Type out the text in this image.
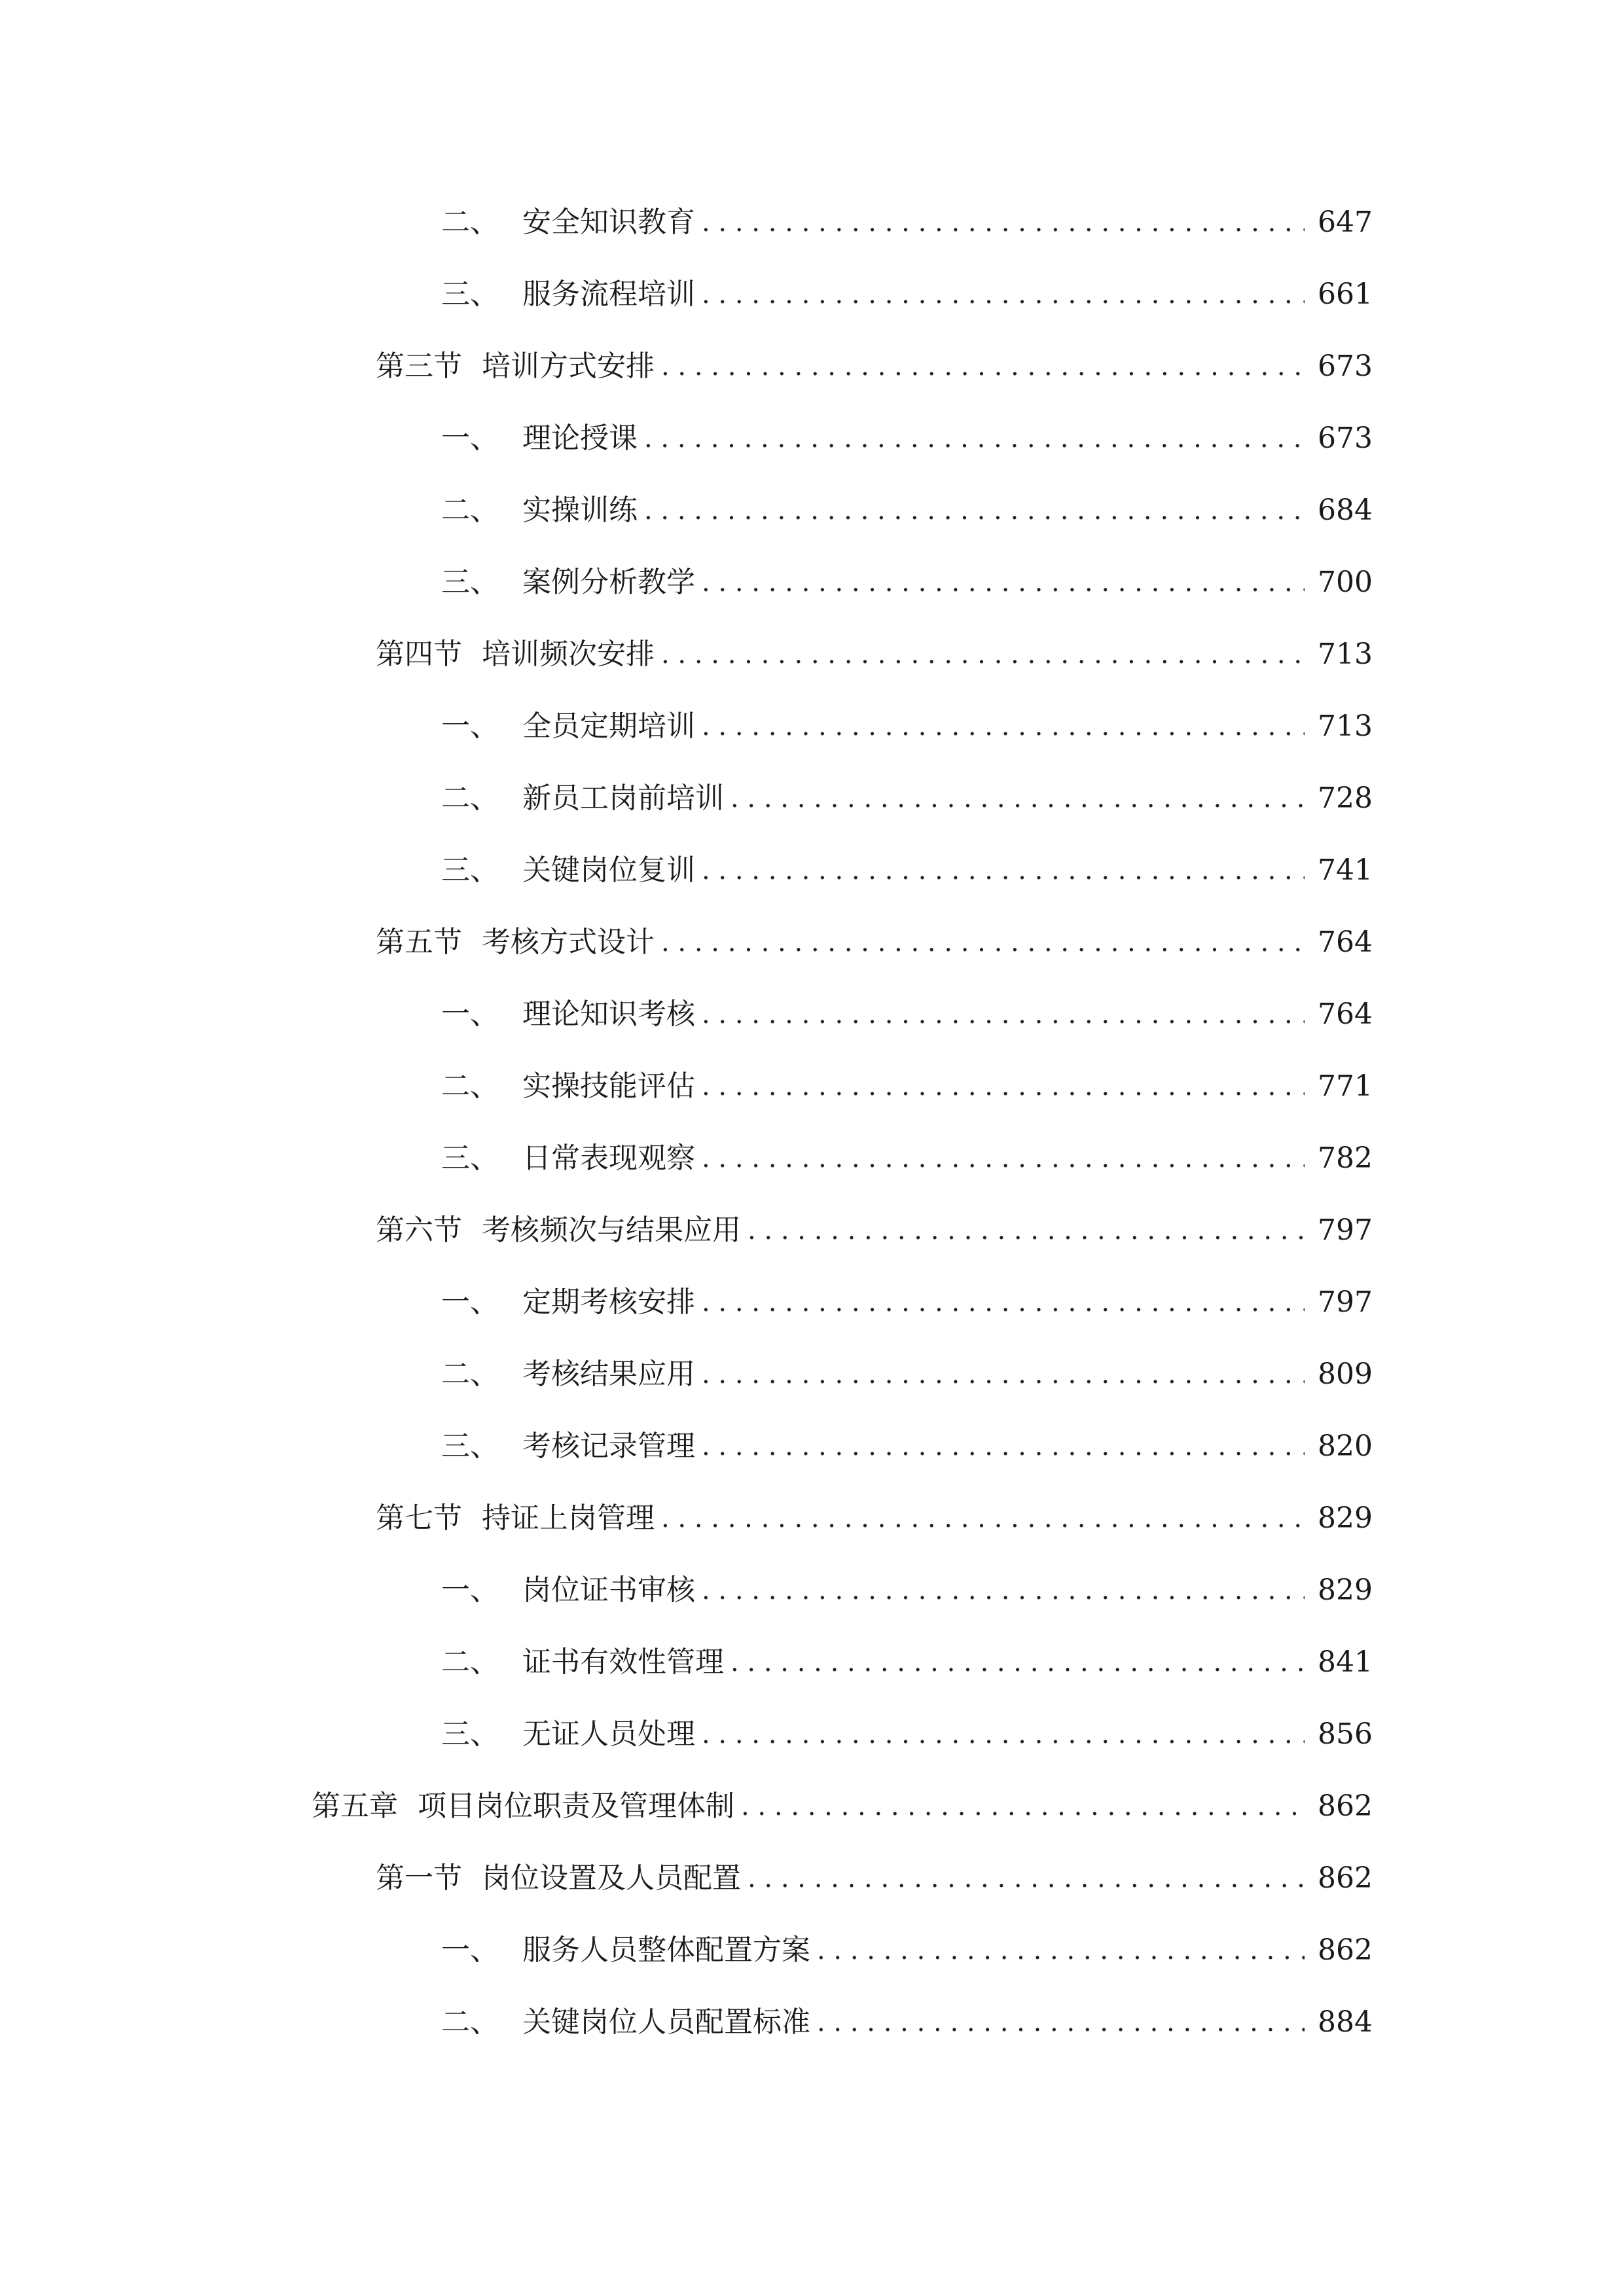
二、 安全知识教育 . . .	647
三、 服务流程培训 . . .	661
第三节 培训方式安排 . . .	673
一、 理论授课 . . .	673
二、 实操训练 . . .	684
三、 案例分析教学 . . .	700
第四节 培训频次安排 . . .	713
一、 全员定期培训 . . .	713
二、 新员工岗前培训 . . .	728
三、 关键岗位复训 . . .	741
第五节 考核方式设计 . . .	764
一、 理论知识考核 . . .	764
二、 实操技能评估 . . .	771
三、 日常表现观察 . . .	782
第六节 考核频次与结果应用 . . .	797
一、 定期考核安排 . . .	797
二、 考核结果应用 . . .	809
三、 考核记录管理 . . .	820
第七节 持证上岗管理 . . .	829
一、 岗位证书审核 . . .	829
二、 证书有效性管理 . . .	841
三、 无证人员处理 . . .	856
第五章 项目岗位职责及管理体制 . . .	862
第一节 岗位设置及人员配置 . . .	862
一、 服务人员整体配置方案 . . .	862
二、 关键岗位人员配置标准 . . .	884
